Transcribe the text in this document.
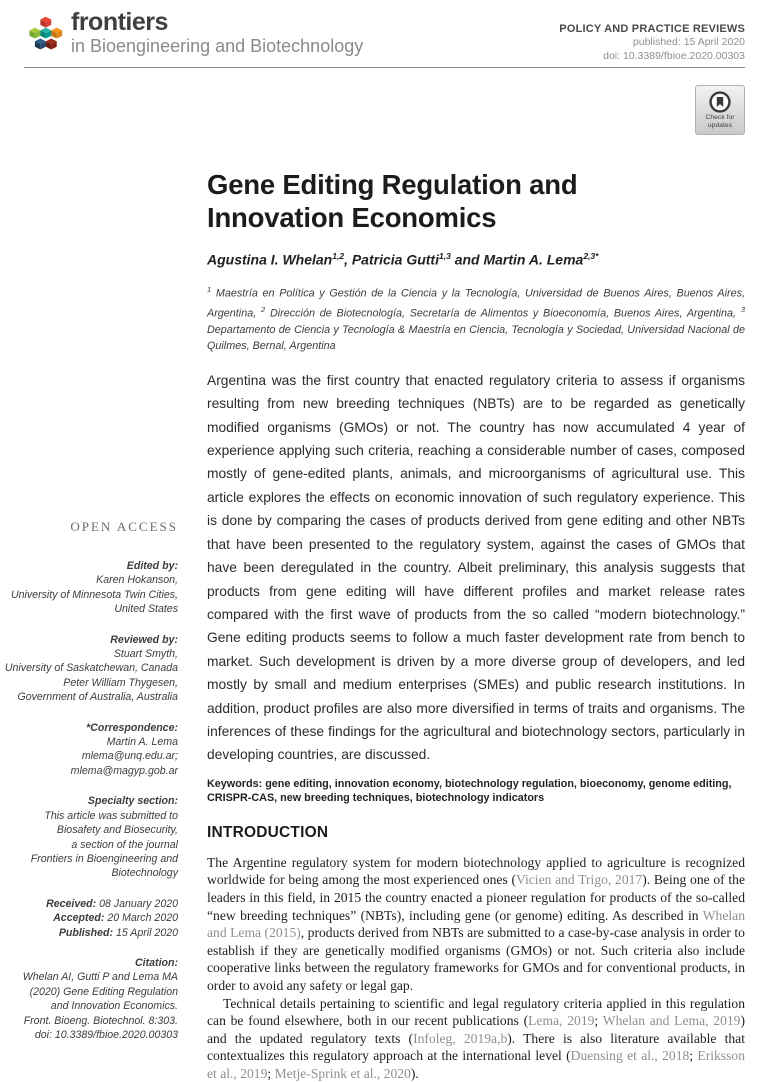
frontiers
in Bioengineering and Biotechnology
POLICY AND PRACTICE REVIEWS
published: 15 April 2020
doi: 10.3389/fbioe.2020.00303
Check for
updates
OPEN ACCESS
Edited by:
Karen Hokanson,
University of Minnesota Twin Cities,
United States
Reviewed by:
Stuart Smyth,
University of Saskatchewan, Canada
Peter William Thygesen,
Government of Australia, Australia
*Correspondence:
Martin A. Lema
mlema@unq.edu.ar;
mlema@magyp.gob.ar
Specialty section:
This article was submitted to
Biosafety and Biosecurity,
a section of the journal
Frontiers in Bioengineering and
Biotechnology
Received: 08 January 2020
Accepted: 20 March 2020
Published: 15 April 2020
Citation:
Whelan AI, Gutti P and Lema MA
(2020) Gene Editing Regulation
and Innovation Economics.
Front. Bioeng. Biotechnol. 8:303.
doi: 10.3389/fbioe.2020.00303
Gene Editing Regulation and
Innovation Economics
Agustina I. Whelan$^{1,2}$, Patricia Gutti$^{1,3}$ and Martin A. Lema$^{2,3*}$
$^1$ Maestría en Política y Gestión de la Ciencia y la Tecnología, Universidad de Buenos Aires, Buenos Aires, Argentina, $^2$ Dirección de Biotecnología, Secretaría de Alimentos y Bioeconomía, Buenos Aires, Argentina, $^3$ Departamento de Ciencia y Tecnología & Maestría en Ciencia, Tecnología y Sociedad, Universidad Nacional de Quilmes, Bernal, Argentina

Argentina was the first country that enacted regulatory criteria to assess if organisms resulting from new breeding techniques (NBTs) are to be regarded as genetically modified organisms (GMOs) or not. The country has now accumulated 4 year of experience applying such criteria, reaching a considerable number of cases, composed mostly of gene-edited plants, animals, and microorganisms of agricultural use. This article explores the effects on economic innovation of such regulatory experience. This is done by comparing the cases of products derived from gene editing and other NBTs that have been presented to the regulatory system, against the cases of GMOs that have been deregulated in the country. Albeit preliminary, this analysis suggests that products from gene editing will have different profiles and market release rates compared with the first wave of products from the so called “modern biotechnology.” Gene editing products seems to follow a much faster development rate from bench to market. Such development is driven by a more diverse group of developers, and led mostly by small and medium enterprises (SMEs) and public research institutions. In addition, product profiles are also more diversified in terms of traits and organisms. The inferences of these findings for the agricultural and biotechnology sectors, particularly in developing countries, are discussed.

Keywords: gene editing, innovation economy, biotechnology regulation, bioeconomy, genome editing, CRISPR-CAS, new breeding techniques, biotechnology indicators

INTRODUCTION

The Argentine regulatory system for modern biotechnology applied to agriculture is recognized worldwide for being among the most experienced ones (Vicien and Trigo, 2017). Being one of the leaders in this field, in 2015 the country enacted a pioneer regulation for products of the so-called “new breeding techniques” (NBTs), including gene (or genome) editing. As described in Whelan and Lema (2015), products derived from NBTs are submitted to a case-by-case analysis in order to establish if they are genetically modified organisms (GMOs) or not. Such criteria also include cooperative links between the regulatory frameworks for GMOs and for conventional products, in order to avoid any safety or legal gap.

Technical details pertaining to scientific and legal regulatory criteria applied in this regulation can be found elsewhere, both in our recent publications (Lema, 2019; Whelan and Lema, 2019) and the updated regulatory texts (Infoleg, 2019a,b). There is also literature available that contextualizes this regulatory approach at the international level (Duensing et al., 2018; Eriksson et al., 2019; Metje-Sprink et al., 2020).
